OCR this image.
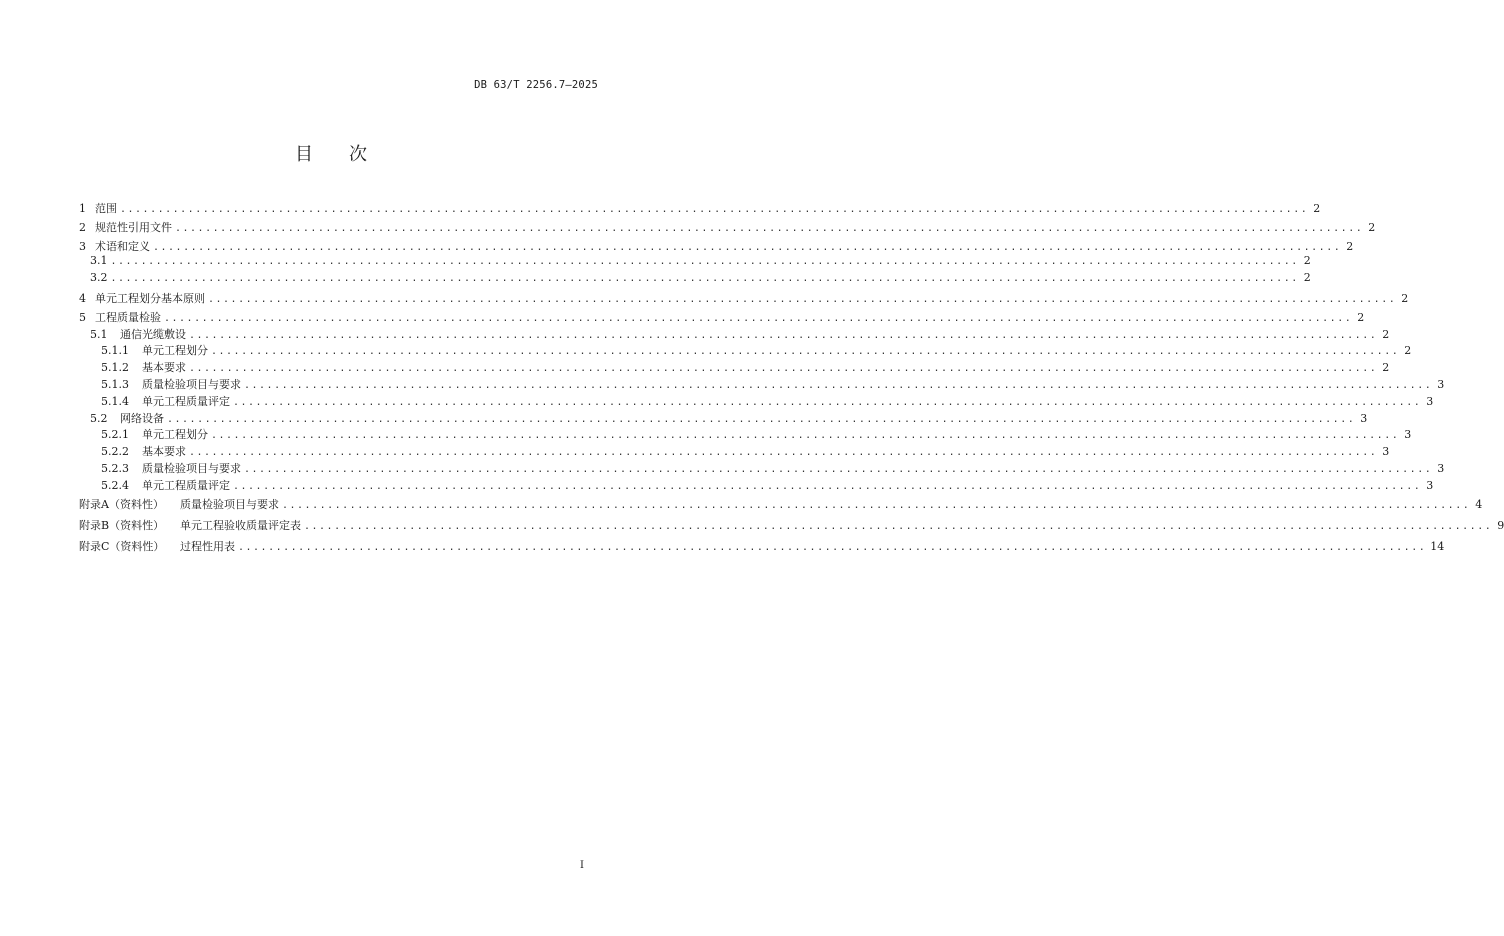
DB 63/T 2256.7—2025
目 次
1 范围 .............................................................................................................................................................. 2
2 规范性引用文件 .............................................................................................................................................................. 2
3 术语和定义 .............................................................................................................................................................. 2
3.1 .............................................................................................................................................................. 2
3.2 .............................................................................................................................................................. 2
4 单元工程划分基本原则 .............................................................................................................................................................. 2
5 工程质量检验 .............................................................................................................................................................. 2
5.1 通信光缆敷设 .............................................................................................................................................................. 2
5.1.1 单元工程划分 .............................................................................................................................................................. 2
5.1.2 基本要求 .............................................................................................................................................................. 2
5.1.3 质量检验项目与要求 .............................................................................................................................................................. 3
5.1.4 单元工程质量评定 .............................................................................................................................................................. 3
5.2 网络设备 .............................................................................................................................................................. 3
5.2.1 单元工程划分 .............................................................................................................................................................. 3
5.2.2 基本要求 .............................................................................................................................................................. 3
5.2.3 质量检验项目与要求 .............................................................................................................................................................. 3
5.2.4 单元工程质量评定 .............................................................................................................................................................. 3
附录A（资料性） 质量检验项目与要求 .............................................................................................................................................................. 4
附录B（资料性） 单元工程验收质量评定表 .............................................................................................................................................................. 9
附录C（资料性） 过程性用表 .............................................................................................................................................................. 14
I
